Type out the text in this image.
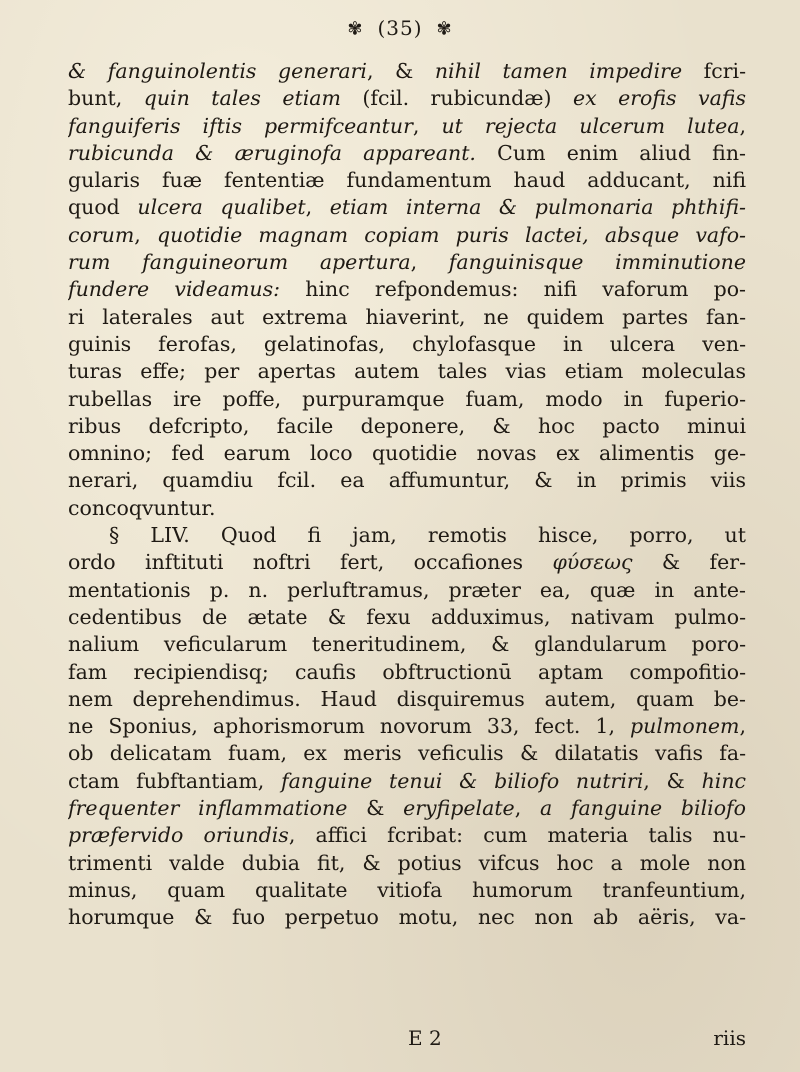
✾ (35) ✾
& fanguinolentis generari, & nihil tamen impedire fcri-
bunt, quin tales etiam (fcil. rubicundæ) ex erofis vafis
fanguiferis iftis permifceantur, ut rejecta ulcerum lutea,
rubicunda & æruginofa appareant. Cum enim aliud fin-
gularis fuæ fententiæ fundamentum haud adducant, nifi
quod ulcera qualibet, etiam interna & pulmonaria phthifi-
corum, quotidie magnam copiam puris lactei, absque vafo-
rum fanguineorum apertura, fanguinisque imminutione
fundere videamus: hinc refpondemus: nifi vaforum po-
ri laterales aut extrema hiaverint, ne quidem partes fan-
guinis ferofas, gelatinofas, chylofasque in ulcera ven-
turas effe; per apertas autem tales vias etiam moleculas
rubellas ire poffe, purpuramque fuam, modo in fuperio-
ribus defcripto, facile deponere, & hoc pacto minui
omnino; fed earum loco quotidie novas ex alimentis ge-
nerari, quamdiu fcil. ea affumuntur, & in primis viis
concoqvuntur.
  § LIV. Quod fi jam, remotis hisce, porro, ut
ordo inftituti noftri fert, occafiones φύσεως & fer-
mentationis p. n. perluftramus, præter ea, quæ in ante-
cedentibus de ætate & fexu adduximus, nativam pulmo-
nalium veficularum teneritudinem, & glandularum poro-
fam recipiendisq; caufis obftructionū aptam compofitio-
nem deprehendimus. Haud disquiremus autem, quam be-
ne Sponius, aphorismorum novorum 33, fect. 1, pulmonem,
ob delicatam fuam, ex meris veficulis & dilatatis vafis fa-
ctam fubftantiam, fanguine tenui & biliofo nutriri, & hinc
frequenter inflammatione & eryfipelate, a fanguine biliofo
præfervido oriundis, affici fcribat: cum materia talis nu-
trimenti valde dubia fit, & potius vifcus hoc a mole non
minus, quam qualitate vitiofa humorum tranfeuntium,
horumque & fuo perpetuo motu, nec non ab aëris, va-
E 2	riis
